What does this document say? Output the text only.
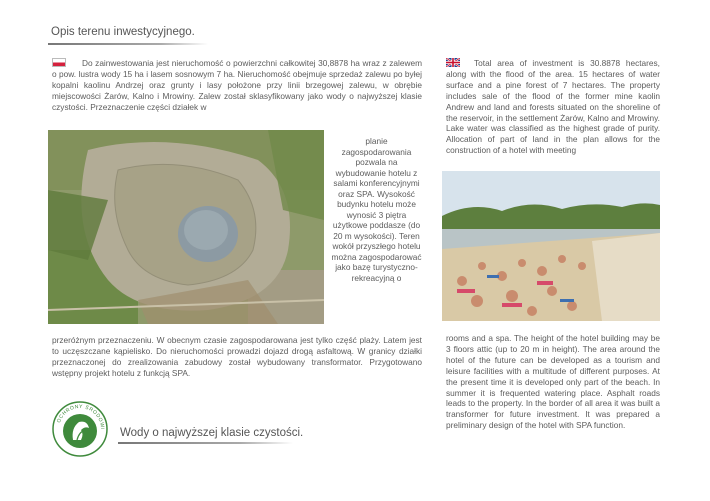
Opis terenu inwestycyjnego.

Do zainwestowania jest nieruchomość o powierzchni całkowitej 30,8878 ha wraz z zalewem o pow. lustra wody 15 ha i lasem sosnowym 7 ha. Nieruchomość obejmuje sprzedaż zalewu po byłej kopalni kaolinu Andrzej oraz grunty i lasy położone przy linii brzegowej zalewu, w obrębie miejscowości Żarów, Kalno i Mrowiny. Zalew został sklasyfikowany jako wody o najwyższej klasie czystości. Przeznaczenie części działek w

planie zagospodarowania pozwala na wybudowanie hotelu z salami konferencyjnymi oraz SPA. Wysokość budynku hotelu może wynosić 3 piętra użytkowe poddasze (do 20 m wysokości). Teren wokół przyszłego hotelu można zagospodarować jako bazę turystyczno-rekreacyjną o

przeróżnym przeznaczeniu. W obecnym czasie zagospodarowana jest tylko część plaży. Latem jest to uczęszczane kąpielisko. Do nieruchomości prowadzi dojazd drogą asfaltową. W granicy działki przeznaczonej do zrealizowania zabudowy został wybudowany transformator. Przygotowano wstępny projekt hotelu z funkcją SPA.

Total area of investment is 30.8878 hectares, along with the flood of the area. 15 hectares of water surface and a pine forest of 7 hectares. The property includes sale of the flood of the former mine kaolin Andrew and land and forests situated on the shoreline of the reservoir, in the settlement Żarów, Kalno and Mrowiny. Lake water was classified as the highest grade of purity. Allocation of part of land in the plan allows for the construction of a hotel with meeting

rooms and a spa. The height of the hotel building may be 3 floors attic (up to 20 m in height). The area around the hotel of the future can be developed as a tourism and leisure facilities with a multitude of different purposes. At the present time it is developed only part of the beach. In summer it is frequented watering place. Asphalt roads leads to the property. In the border of all area it was built a transformer for future investment. It was prepared a preliminary design of the hotel with SPA function.

OCHRONY ŚRODOWI Wody o najwyższej klasie czystości.
